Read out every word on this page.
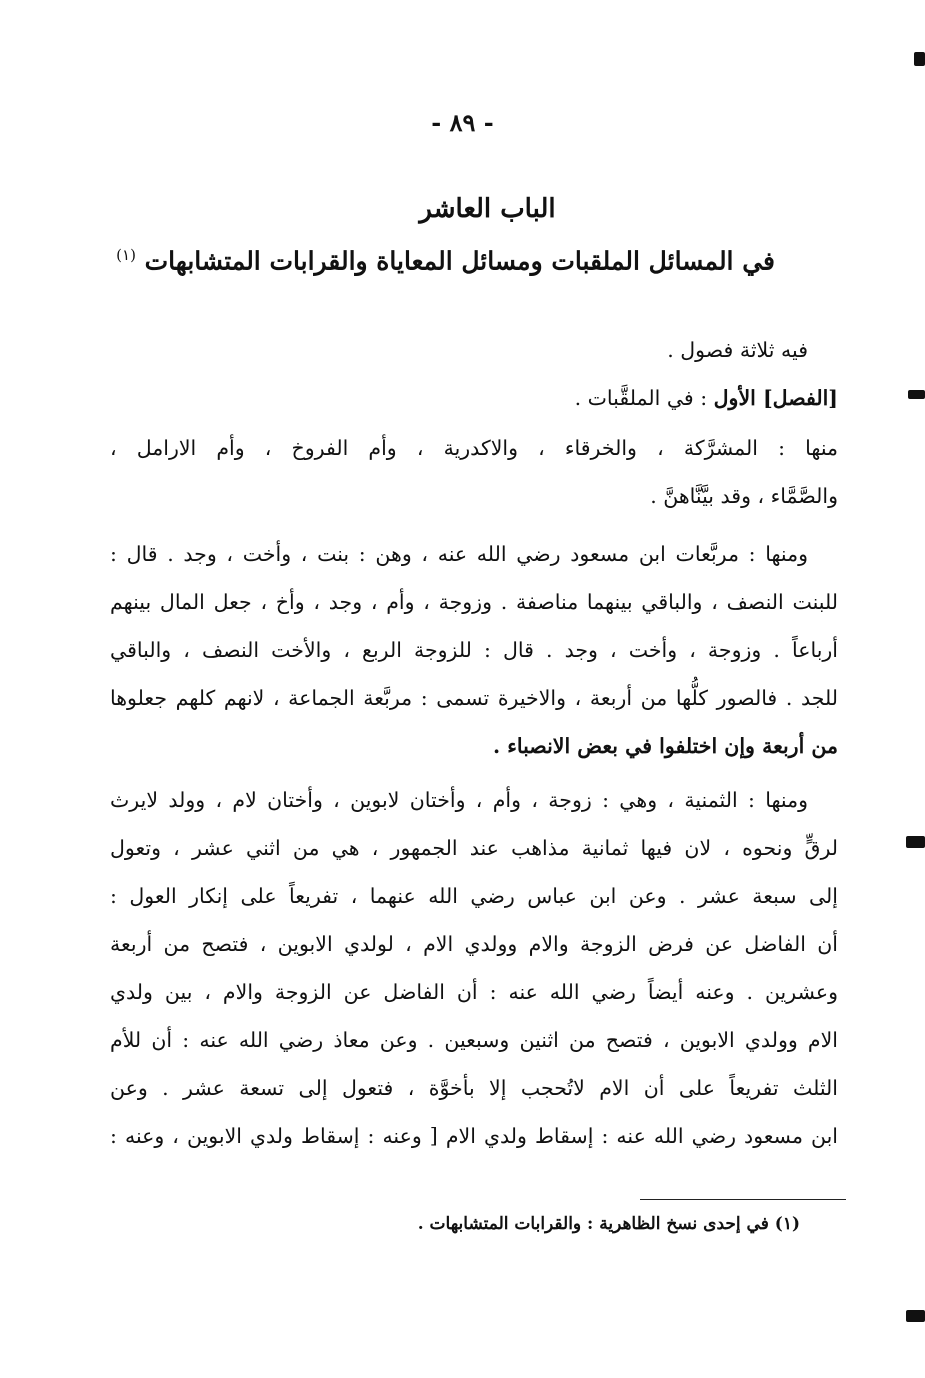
- ٨٩ -
الباب العاشر
في المسائل الملقبات ومسائل المعاياة والقرابات المتشابهات $^{(١)}$
فيه ثلاثة فصول .
[الفصل] الأول : في الملقَّبات .
منها : المشرَّكة ، والخرقاء ، والاكدرية ، وأم الفروخ ، وأم الارامل ،
والصَّمَّاء ، وقد بيَّنَّاهنَّ .
ومنها : مربَّعات ابن مسعود رضي الله عنه ، وهن : بنت ، وأخت ، وجد . قال :
للبنت النصف ، والباقي بينهما مناصفة . وزوجة ، وأم ، وجد ، وأخ ، جعل المال بينهم
أرباعاً . وزوجة ، وأخت ، وجد . قال : للزوجة الربع ، والأخت النصف ، والباقي
للجد . فالصور كلُّها من أربعة ، والاخيرة تسمى : مربَّعة الجماعة ، لانهم كلهم جعلوها
من أربعة وإن اختلفوا في بعض الانصباء .
ومنها : الثمنية ، وهي : زوجة ، وأم ، وأختان لابوين ، وأختان لام ، وولد لايرث
لرقٍّ ونحوه ، لان فيها ثمانية مذاهب عند الجمهور ، هي من اثني عشر ، وتعول
إلى سبعة عشر . وعن ابن عباس رضي الله عنهما ، تفريعاً على إنكار العول :
أن الفاضل عن فرض الزوجة والام وولدي الام ، لولدي الابوين ، فتصح من أربعة
وعشرين . وعنه أيضاً رضي الله عنه : أن الفاضل عن الزوجة والام ، بين ولدي
الام وولدي الابوين ، فتصح من اثنين وسبعين . وعن معاذ رضي الله عنه : أن للأم
الثلث تفريعاً على أن الام لاتُحجب إلا بأخوَّة ، فتعول إلى تسعة عشر . وعن
ابن مسعود رضي الله عنه : إسقاط ولدي الام [ وعنه : إسقاط ولدي الابوين ، وعنه :
(١) في إحدى نسخ الظاهرية : والقرابات المتشابهات .
